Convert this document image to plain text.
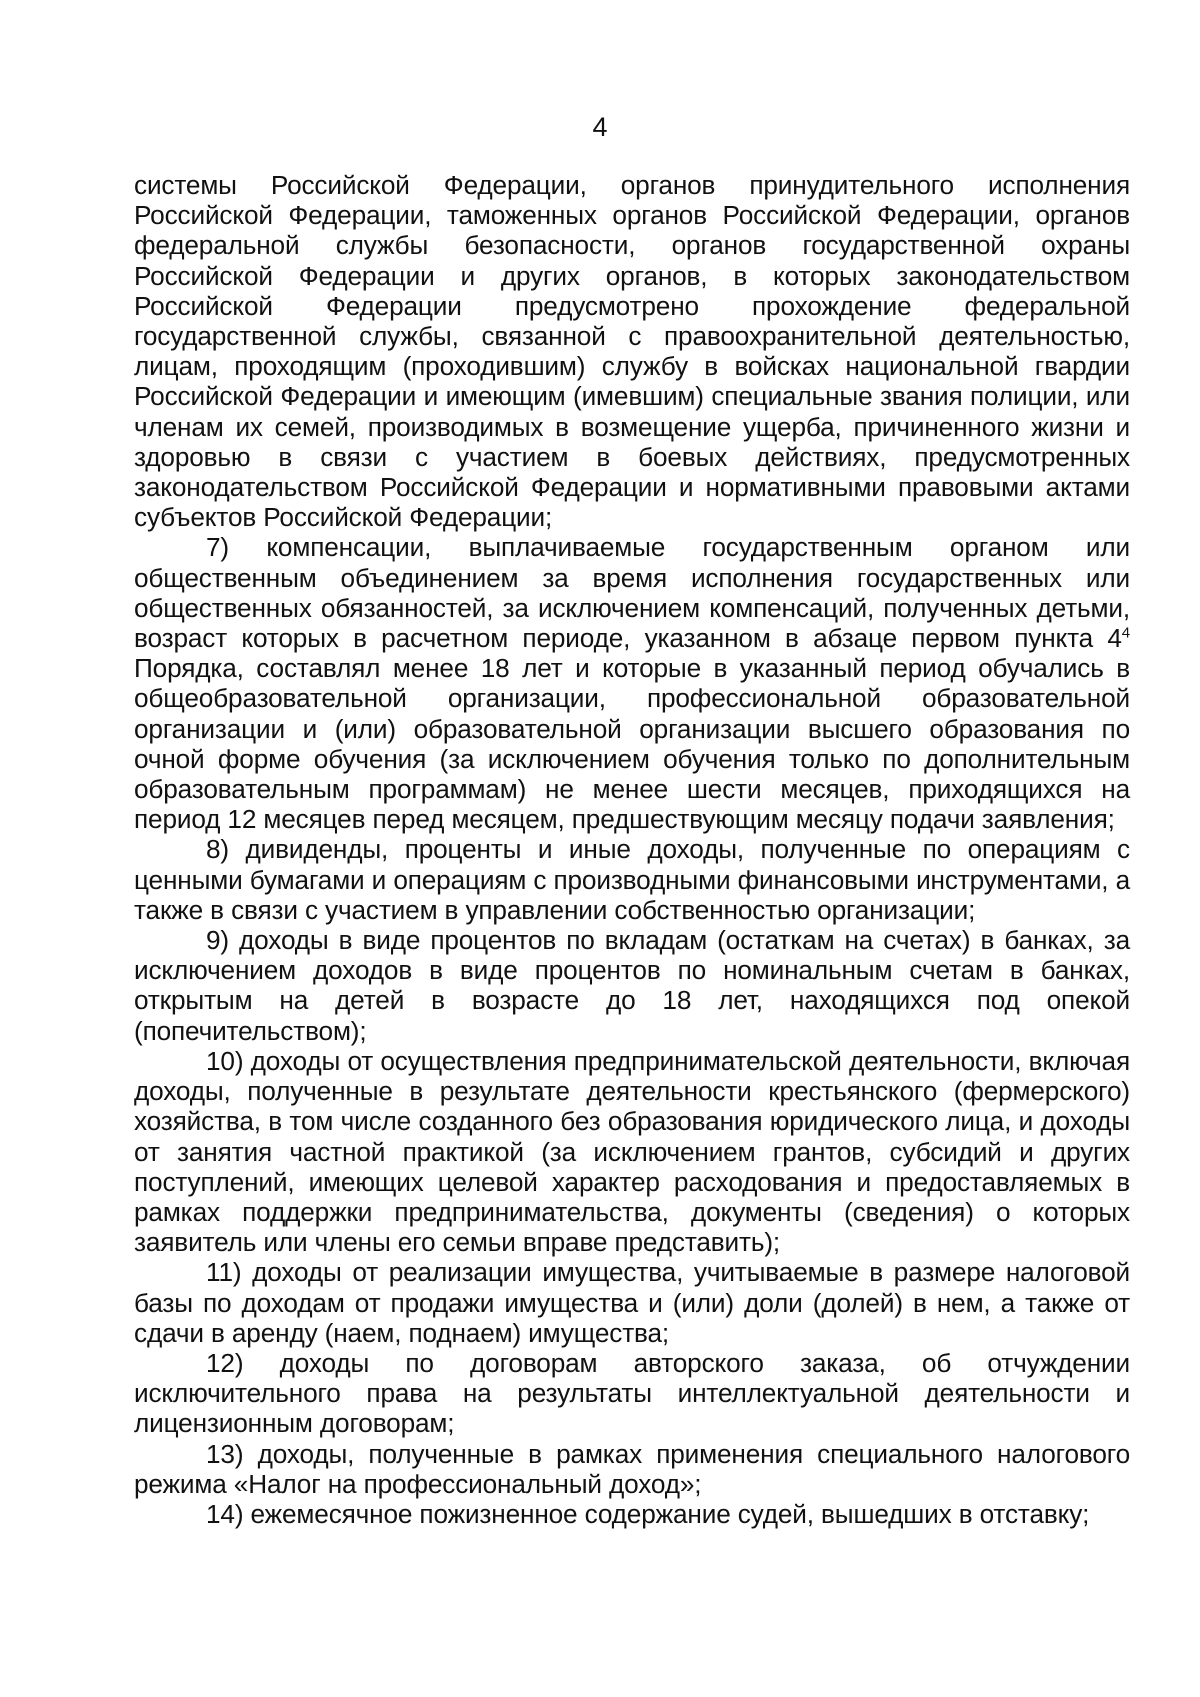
4

системы Российской Федерации, органов принудительного исполнения Российской Федерации, таможенных органов Российской Федерации, органов федеральной службы безопасности, органов государственной охраны Российской Федерации и других органов, в которых законодательством Российской Федерации предусмотрено прохождение федеральной государственной службы, связанной с правоохранительной деятельностью, лицам, проходящим (проходившим) службу в войсках национальной гвардии Российской Федерации и имеющим (имевшим) специальные звания полиции, или членам их семей, производимых в возмещение ущерба, причиненного жизни и здоровью в связи с участием в боевых действиях, предусмотренных законодательством Российской Федерации и нормативными правовыми актами субъектов Российской Федерации;

7) компенсации, выплачиваемые государственным органом или общественным объединением за время исполнения государственных или общественных обязанностей, за исключением компенсаций, полученных детьми, возраст которых в расчетном периоде, указанном в абзаце первом пункта $4^4$ Порядка, составлял менее 18 лет и которые в указанный период обучались в общеобразовательной организации, профессиональной образовательной организации и (или) образовательной организации высшего образования по очной форме обучения (за исключением обучения только по дополнительным образовательным программам) не менее шести месяцев, приходящихся на период 12 месяцев перед месяцем, предшествующим месяцу подачи заявления;

8) дивиденды, проценты и иные доходы, полученные по операциям с ценными бумагами и операциям с производными финансовыми инструментами, а также в связи с участием в управлении собственностью организации;

9) доходы в виде процентов по вкладам (остаткам на счетах) в банках, за исключением доходов в виде процентов по номинальным счетам в банках, открытым на детей в возрасте до 18 лет, находящихся под опекой (попечительством);

10) доходы от осуществления предпринимательской деятельности, включая доходы, полученные в результате деятельности крестьянского (фермерского) хозяйства, в том числе созданного без образования юридического лица, и доходы от занятия частной практикой (за исключением грантов, субсидий и других поступлений, имеющих целевой характер расходования и предоставляемых в рамках поддержки предпринимательства, документы (сведения) о которых заявитель или члены его семьи вправе представить);

11) доходы от реализации имущества, учитываемые в размере налоговой базы по доходам от продажи имущества и (или) доли (долей) в нем, а также от сдачи в аренду (наем, поднаем) имущества;

12) доходы по договорам авторского заказа, об отчуждении исключительного права на результаты интеллектуальной деятельности и лицензионным договорам;

13) доходы, полученные в рамках применения специального налогового режима «Налог на профессиональный доход»;

14) ежемесячное пожизненное содержание судей, вышедших в отставку;
